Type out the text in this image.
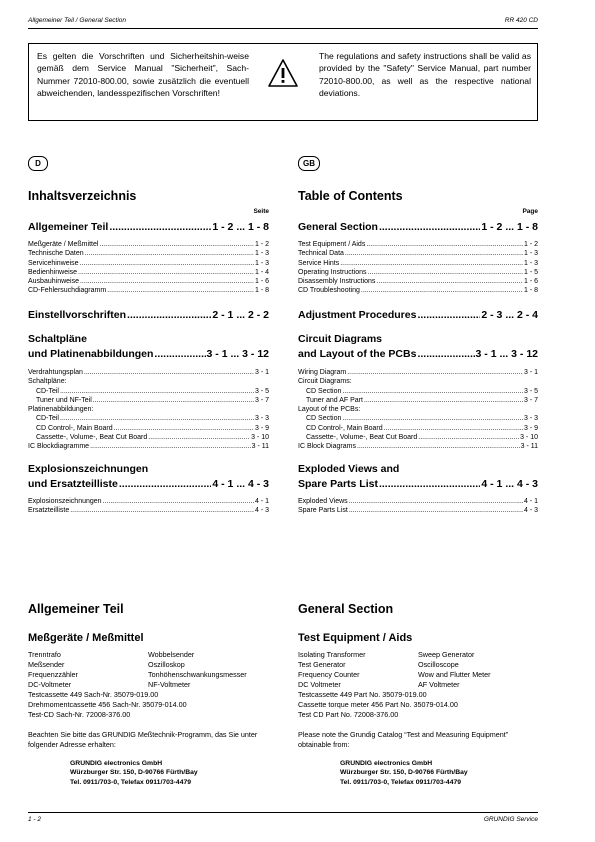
Allgemeiner Teil / General Section	RR 420 CD
Es gelten die Vorschriften und Sicherheitshin-weise gemäß dem Service Manual "Sicherheit", Sach-Nummer 72010-800.00, sowie zusätzlich die eventuell abweichenden, landesspezifischen Vorschriften!
The regulations and safety instructions shall be valid as provided by the "Safety" Service Manual, part number 72010-800.00, as well as the respective national deviations.
D	GB
Inhaltsverzeichnis
Seite
Allgemeiner Teil .....	1 - 2 ... 1 - 8
Meßgeräte / Meßmittel .....	1 - 2
Technische Daten .....	1 - 3
Servicehinweise .....	1 - 3
Bedienhinweise .....	1 - 4
Ausbauhinweise .....	1 - 6
CD-Fehlersuchdiagramm .....	1 - 8
Einstellvorschriften .....	2 - 1 ... 2 - 2
Schaltpläne
und Platinenabbildungen .....	3 - 1 ... 3 - 12
Verdrahtungsplan .....	3 - 1
Schaltpläne:
CD-Teil .....	3 - 5
Tuner und NF-Teil .....	3 - 7
Platinenabbildungen:
CD-Teil .....	3 - 3
CD Control-, Main Board .....	3 - 9
Cassette-, Volume-, Beat Cut Board .....	3 - 10
IC Blockdiagramme .....	3 - 11
Explosionszeichnungen
und Ersatzteilliste .....	4 - 1 ... 4 - 3
Explosionszeichnungen .....	4 - 1
Ersatzteilliste .....	4 - 3
Table of Contents
Page
General Section .....	1 - 2 ... 1 - 8
Test Equipment / Aids .....	1 - 2
Technical Data .....	1 - 3
Service Hints .....	1 - 3
Operating Instructions .....	1 - 5
Disassembly Instructions .....	1 - 6
CD Troubleshooting .....	1 - 8
Adjustment Procedures .....	2 - 3 ... 2 - 4
Circuit Diagrams
and Layout of the PCBs .....	3 - 1 ... 3 - 12
Wiring Diagram .....	3 - 1
Circuit Diagrams:
CD Section .....	3 - 5
Tuner and AF Part .....	3 - 7
Layout of the PCBs:
CD Section .....	3 - 3
CD Control-, Main Board .....	3 - 9
Cassette-, Volume-, Beat Cut Board .....	3 - 10
IC Block Diagrams .....	3 - 11
Exploded Views and
Spare Parts List .....	4 - 1 ... 4 - 3
Exploded Views .....	4 - 1
Spare Parts List .....	4 - 3
Allgemeiner Teil
Meßgeräte / Meßmittel
Trenntrafo	Wobbelsender
Meßsender	Oszilloskop
Frequenzzähler	Tonhöhenschwankungsmesser
DC-Voltmeter	NF-Voltmeter
Testcassette 449 Sach-Nr. 35079-019.00
Drehmomentcassette 456 Sach-Nr. 35079-014.00
Test-CD Sach-Nr. 72008-376.00
Beachten Sie bitte das GRUNDIG Meßtechnik-Programm, das Sie unter folgender Adresse erhalten:
GRUNDIG electronics GmbH
Würzburger Str. 150, D-90766 Fürth/Bay
Tel. 0911/703-0, Telefax 0911/703-4479
General Section
Test Equipment / Aids
Isolating Transformer	Sweep Generator
Test Generator	Oscilloscope
Frequency Counter	Wow and Flutter Meter
DC Voltmeter	AF Voltmeter
Testcassette 449 Part No. 35079-019.00
Cassette torque meter 456 Part No. 35079-014.00
Test CD Part No. 72008-376.00
Please note the Grundig Catalog “Test and Measuring Equipment” obtainable from:
GRUNDIG electronics GmbH
Würzburger Str. 150, D-90766 Fürth/Bay
Tel. 0911/703-0, Telefax 0911/703-4479
1 - 2	GRUNDIG Service
